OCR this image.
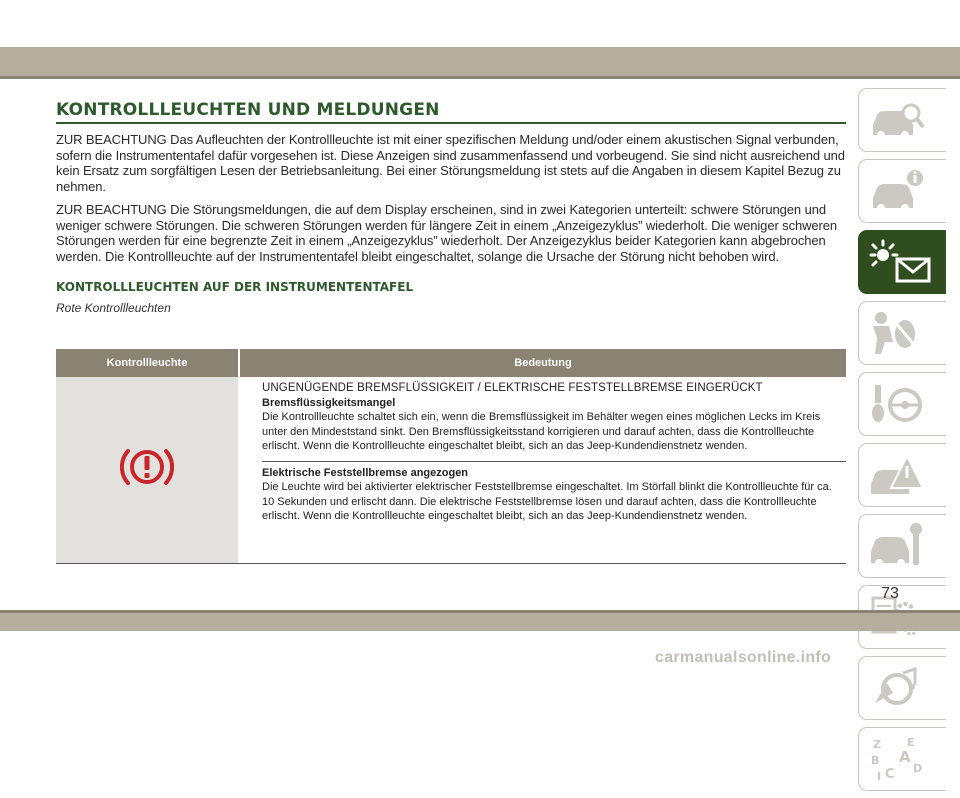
KONTROLLLEUCHTEN UND MELDUNGEN

ZUR BEACHTUNG Das Aufleuchten der Kontrollleuchte ist mit einer spezifischen Meldung und/oder einem akustischen Signal verbunden, sofern die Instrumententafel dafür vorgesehen ist. Diese Anzeigen sind zusammenfassend und vorbeugend. Sie sind nicht ausreichend und kein Ersatz zum sorgfältigen Lesen der Betriebsanleitung. Bei einer Störungsmeldung ist stets auf die Angaben in diesem Kapitel Bezug zu nehmen.

ZUR BEACHTUNG Die Störungsmeldungen, die auf dem Display erscheinen, sind in zwei Kategorien unterteilt: schwere Störungen und weniger schwere Störungen. Die schweren Störungen werden für längere Zeit in einem „Anzeigezyklus” wiederholt. Die weniger schweren Störungen werden für eine begrenzte Zeit in einem „Anzeigezyklus” wiederholt. Der Anzeigezyklus beider Kategorien kann abgebrochen werden. Die Kontrollleuchte auf der Instrumententafel bleibt eingeschaltet, solange die Ursache der Störung nicht behoben wird.

KONTROLLLEUCHTEN AUF DER INSTRUMENTENTAFEL
Rote Kontrollleuchten
Kontrollleuchte	Bedeutung
UNGENÜGENDE BREMSFLÜSSIGKEIT / ELEKTRISCHE FESTSTELLBREMSE EINGERÜCKT
Bremsflüssigkeitsmangel
Die Kontrollleuchte schaltet sich ein, wenn die Bremsflüssigkeit im Behälter wegen eines möglichen Lecks im Kreis unter den Mindeststand sinkt. Den Bremsflüssigkeitsstand korrigieren und darauf achten, dass die Kontrollleuchte erlischt. Wenn die Kontrollleuchte eingeschaltet bleibt, sich an das Jeep-Kundendienstnetz wenden.
Elektrische Feststellbremse angezogen
Die Leuchte wird bei aktivierter elektrischer Feststellbremse eingeschaltet. Im Störfall blinkt die Kontrollleuchte für ca. 10 Sekunden und erlischt dann. Die elektrische Feststellbremse lösen und darauf achten, dass die Kontrollleuchte erlischt. Wenn die Kontrollleuchte eingeschaltet bleibt, sich an das Jeep-Kundendienstnetz wenden.
Z E
A
B
C D
I
73
carmanualsonline.info
